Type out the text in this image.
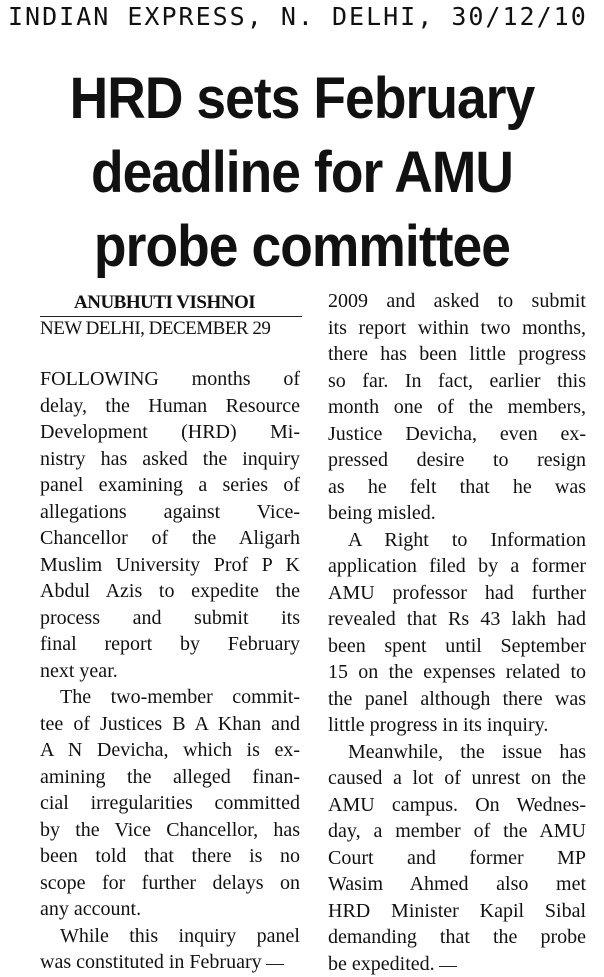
INDIAN EXPRESS, N. DELHI, 30/12/10
HRD sets February
deadline for AMU
probe committee
ANUBHUTI VISHNOI
NEW DELHI, DECEMBER 29
FOLLOWING months of
delay, the Human Resource
Development (HRD) Mi-
nistry has asked the inquiry
panel examining a series of
allegations against Vice-
Chancellor of the Aligarh
Muslim University Prof P K
Abdul Azis to expedite the
process and submit its
final report by February
next year.
The two-member commit-
tee of Justices B A Khan and
A N Devicha, which is ex-
amining the alleged finan-
cial irregularities committed
by the Vice Chancellor, has
been told that there is no
scope for further delays on
any account.
While this inquiry panel
was constituted in February
2009 and asked to submit
its report within two months,
there has been little progress
so far. In fact, earlier this
month one of the members,
Justice Devicha, even ex-
pressed desire to resign
as he felt that he was
being misled.
A Right to Information
application filed by a former
AMU professor had further
revealed that Rs 43 lakh had
been spent until September
15 on the expenses related to
the panel although there was
little progress in its inquiry.
Meanwhile, the issue has
caused a lot of unrest on the
AMU campus. On Wednes-
day, a member of the AMU
Court and former MP
Wasim Ahmed also met
HRD Minister Kapil Sibal
demanding that the probe
be expedited.
